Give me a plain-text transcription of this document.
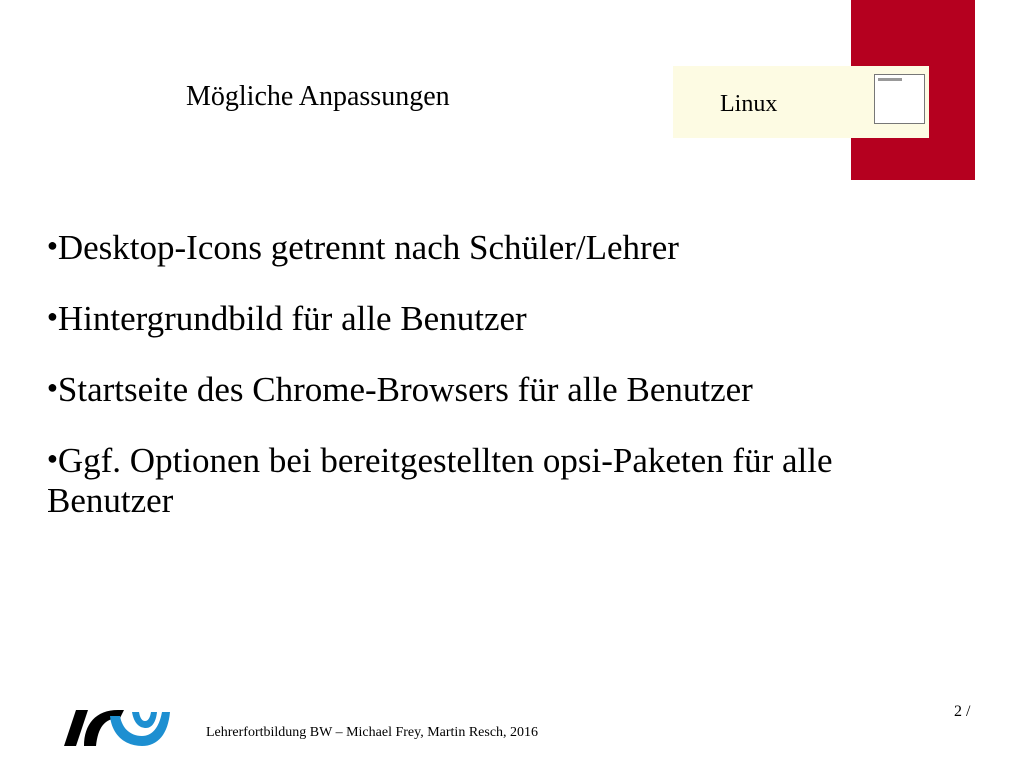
Linux
Mögliche Anpassungen
●Desktop-Icons getrennt nach Schüler/Lehrer
●Hintergrundbild für alle Benutzer
●Startseite des Chrome-Browsers für alle Benutzer
●Ggf. Optionen bei bereitgestellten opsi-Paketen für alle Benutzer
Lehrerfortbildung BW – Michael Frey, Martin Resch, 2016
2 /
